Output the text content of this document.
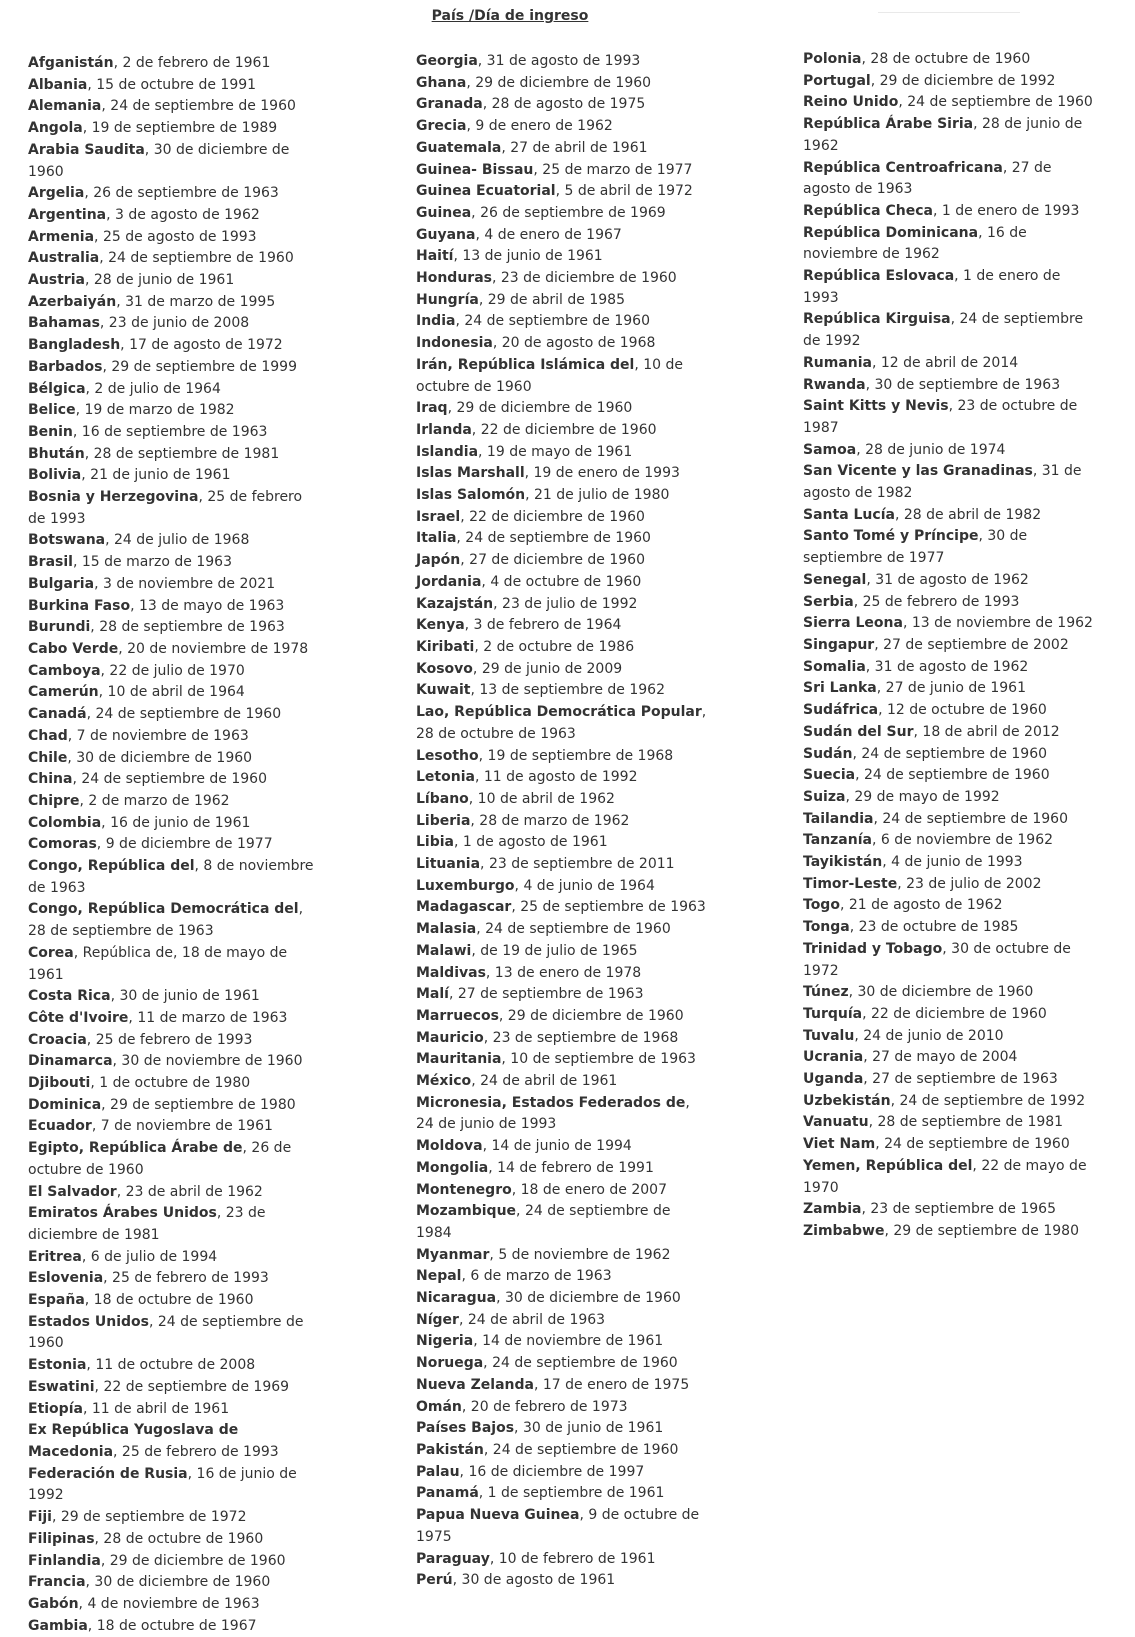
País /Día de ingreso

Afganistán, 2 de febrero de 1961

Albania, 15 de octubre de 1991

Alemania, 24 de septiembre de 1960

Angola, 19 de septiembre de 1989

Arabia Saudita, 30 de diciembre de 1960

Argelia, 26 de septiembre de 1963

Argentina, 3 de agosto de 1962

Armenia, 25 de agosto de 1993

Australia, 24 de septiembre de 1960

Austria, 28 de junio de 1961

Azerbaiyán, 31 de marzo de 1995

Bahamas, 23 de junio de 2008

Bangladesh, 17 de agosto de 1972

Barbados, 29 de septiembre de 1999

Bélgica, 2 de julio de 1964

Belice, 19 de marzo de 1982

Benin, 16 de septiembre de 1963

Bhután, 28 de septiembre de 1981

Bolivia, 21 de junio de 1961

Bosnia y Herzegovina, 25 de febrero de 1993

Botswana, 24 de julio de 1968

Brasil, 15 de marzo de 1963

Bulgaria, 3 de noviembre de 2021

Burkina Faso, 13 de mayo de 1963

Burundi, 28 de septiembre de 1963

Cabo Verde, 20 de noviembre de 1978

Camboya, 22 de julio de 1970

Camerún, 10 de abril de 1964

Canadá, 24 de septiembre de 1960

Chad, 7 de noviembre de 1963

Chile, 30 de diciembre de 1960

China, 24 de septiembre de 1960

Chipre, 2 de marzo de 1962

Colombia, 16 de junio de 1961

Comoras, 9 de diciembre de 1977

Congo, República del, 8 de noviembre de 1963

Congo, República Democrática del, 28 de septiembre de 1963

Corea, República de, 18 de mayo de 1961

Costa Rica, 30 de junio de 1961

Côte d'Ivoire, 11 de marzo de 1963

Croacia, 25 de febrero de 1993

Dinamarca, 30 de noviembre de 1960

Djibouti, 1 de octubre de 1980

Dominica, 29 de septiembre de 1980

Ecuador, 7 de noviembre de 1961

Egipto, República Árabe de, 26 de octubre de 1960

El Salvador, 23 de abril de 1962

Emiratos Árabes Unidos, 23 de diciembre de 1981

Eritrea, 6 de julio de 1994

Eslovenia, 25 de febrero de 1993

España, 18 de octubre de 1960

Estados Unidos, 24 de septiembre de 1960

Estonia, 11 de octubre de 2008

Eswatini, 22 de septiembre de 1969

Etiopía, 11 de abril de 1961

Ex República Yugoslava de Macedonia, 25 de febrero de 1993

Federación de Rusia, 16 de junio de 1992

Fiji, 29 de septiembre de 1972

Filipinas, 28 de octubre de 1960

Finlandia, 29 de diciembre de 1960

Francia, 30 de diciembre de 1960

Gabón, 4 de noviembre de 1963

Gambia, 18 de octubre de 1967

Georgia, 31 de agosto de 1993

Ghana, 29 de diciembre de 1960

Granada, 28 de agosto de 1975

Grecia, 9 de enero de 1962

Guatemala, 27 de abril de 1961

Guinea- Bissau, 25 de marzo de 1977

Guinea Ecuatorial, 5 de abril de 1972

Guinea, 26 de septiembre de 1969

Guyana, 4 de enero de 1967

Haití, 13 de junio de 1961

Honduras, 23 de diciembre de 1960

Hungría, 29 de abril de 1985

India, 24 de septiembre de 1960

Indonesia, 20 de agosto de 1968

Irán, República Islámica del, 10 de octubre de 1960

Iraq, 29 de diciembre de 1960

Irlanda, 22 de diciembre de 1960

Islandia, 19 de mayo de 1961

Islas Marshall, 19 de enero de 1993

Islas Salomón, 21 de julio de 1980

Israel, 22 de diciembre de 1960

Italia, 24 de septiembre de 1960

Japón, 27 de diciembre de 1960

Jordania, 4 de octubre de 1960

Kazajstán, 23 de julio de 1992

Kenya, 3 de febrero de 1964

Kiribati, 2 de octubre de 1986

Kosovo, 29 de junio de 2009

Kuwait, 13 de septiembre de 1962

Lao, República Democrática Popular, 28 de octubre de 1963

Lesotho, 19 de septiembre de 1968

Letonia, 11 de agosto de 1992

Líbano, 10 de abril de 1962

Liberia, 28 de marzo de 1962

Libia, 1 de agosto de 1961

Lituania, 23 de septiembre de 2011

Luxemburgo, 4 de junio de 1964

Madagascar, 25 de septiembre de 1963

Malasia, 24 de septiembre de 1960

Malawi, de 19 de julio de 1965

Maldivas, 13 de enero de 1978

Malí, 27 de septiembre de 1963

Marruecos, 29 de diciembre de 1960

Mauricio, 23 de septiembre de 1968

Mauritania, 10 de septiembre de 1963

México, 24 de abril de 1961

Micronesia, Estados Federados de, 24 de junio de 1993

Moldova, 14 de junio de 1994

Mongolia, 14 de febrero de 1991

Montenegro, 18 de enero de 2007

Mozambique, 24 de septiembre de 1984

Myanmar, 5 de noviembre de 1962

Nepal, 6 de marzo de 1963

Nicaragua, 30 de diciembre de 1960

Níger, 24 de abril de 1963

Nigeria, 14 de noviembre de 1961

Noruega, 24 de septiembre de 1960

Nueva Zelanda, 17 de enero de 1975

Omán, 20 de febrero de 1973

Países Bajos, 30 de junio de 1961

Pakistán, 24 de septiembre de 1960

Palau, 16 de diciembre de 1997

Panamá, 1 de septiembre de 1961

Papua Nueva Guinea, 9 de octubre de 1975

Paraguay, 10 de febrero de 1961

Perú, 30 de agosto de 1961

Polonia, 28 de octubre de 1960

Portugal, 29 de diciembre de 1992

Reino Unido, 24 de septiembre de 1960

República Árabe Siria, 28 de junio de 1962

República Centroafricana, 27 de agosto de 1963

República Checa, 1 de enero de 1993

República Dominicana, 16 de noviembre de 1962

República Eslovaca, 1 de enero de 1993

República Kirguisa, 24 de septiembre de 1992

Rumania, 12 de abril de 2014

Rwanda, 30 de septiembre de 1963

Saint Kitts y Nevis, 23 de octubre de 1987

Samoa, 28 de junio de 1974

San Vicente y las Granadinas, 31 de agosto de 1982

Santa Lucía, 28 de abril de 1982

Santo Tomé y Príncipe, 30 de septiembre de 1977

Senegal, 31 de agosto de 1962

Serbia, 25 de febrero de 1993

Sierra Leona, 13 de noviembre de 1962

Singapur, 27 de septiembre de 2002

Somalia, 31 de agosto de 1962

Sri Lanka, 27 de junio de 1961

Sudáfrica, 12 de octubre de 1960

Sudán del Sur, 18 de abril de 2012

Sudán, 24 de septiembre de 1960

Suecia, 24 de septiembre de 1960

Suiza, 29 de mayo de 1992

Tailandia, 24 de septiembre de 1960

Tanzanía, 6 de noviembre de 1962

Tayikistán, 4 de junio de 1993

Timor-Leste, 23 de julio de 2002

Togo, 21 de agosto de 1962

Tonga, 23 de octubre de 1985

Trinidad y Tobago, 30 de octubre de 1972

Túnez, 30 de diciembre de 1960

Turquía, 22 de diciembre de 1960

Tuvalu, 24 de junio de 2010

Ucrania, 27 de mayo de 2004

Uganda, 27 de septiembre de 1963

Uzbekistán, 24 de septiembre de 1992

Vanuatu, 28 de septiembre de 1981

Viet Nam, 24 de septiembre de 1960

Yemen, República del, 22 de mayo de 1970

Zambia, 23 de septiembre de 1965

Zimbabwe, 29 de septiembre de 1980
